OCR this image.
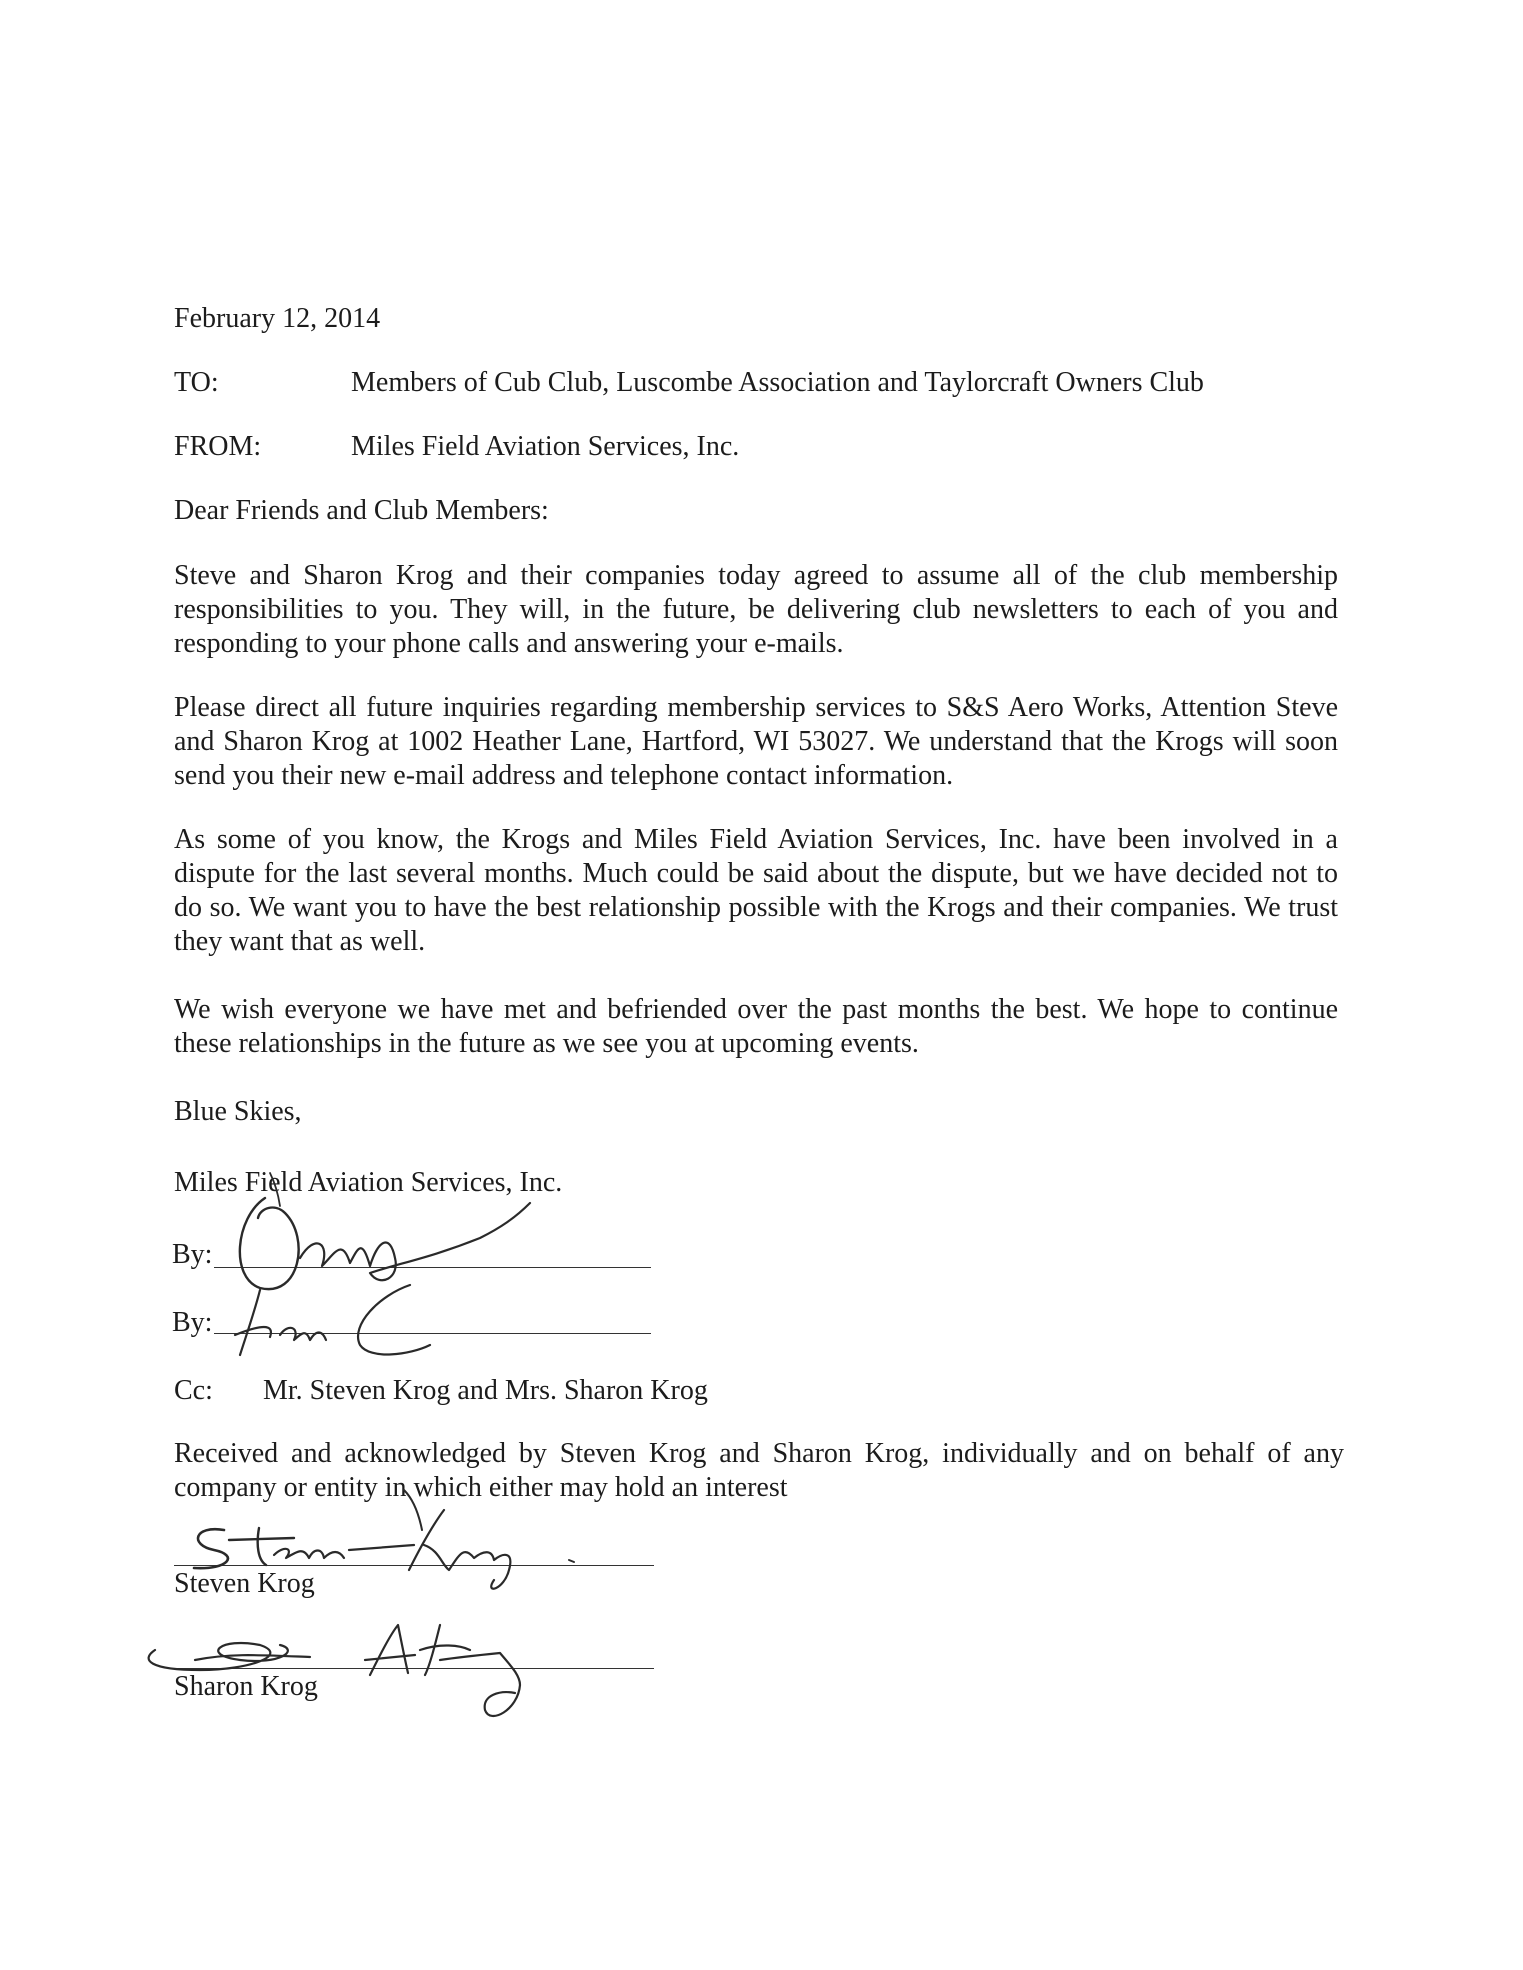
February 12, 2014
TO:	Members of Cub Club, Luscombe Association and Taylorcraft Owners Club
FROM:	Miles Field Aviation Services, Inc.
Dear Friends and Club Members:
Steve and Sharon Krog and their companies today agreed to assume all of the club membership responsibilities to you. They will, in the future, be delivering club newsletters to each of you and responding to your phone calls and answering your e-mails.
Please direct all future inquiries regarding membership services to S&S Aero Works, Attention Steve and Sharon Krog at 1002 Heather Lane, Hartford, WI 53027. We understand that the Krogs will soon send you their new e-mail address and telephone contact information.
As some of you know, the Krogs and Miles Field Aviation Services, Inc. have been involved in a dispute for the last several months. Much could be said about the dispute, but we have decided not to do so. We want you to have the best relationship possible with the Krogs and their companies. We trust they want that as well.
We wish everyone we have met and befriended over the past months the best. We hope to continue these relationships in the future as we see you at upcoming events.
Blue Skies,
Miles Field Aviation Services, Inc.
By:
By:
Cc: Mr. Steven Krog and Mrs. Sharon Krog
Received and acknowledged by Steven Krog and Sharon Krog, individually and on behalf of any company or entity in which either may hold an interest
Steven Krog
Sharon Krog
